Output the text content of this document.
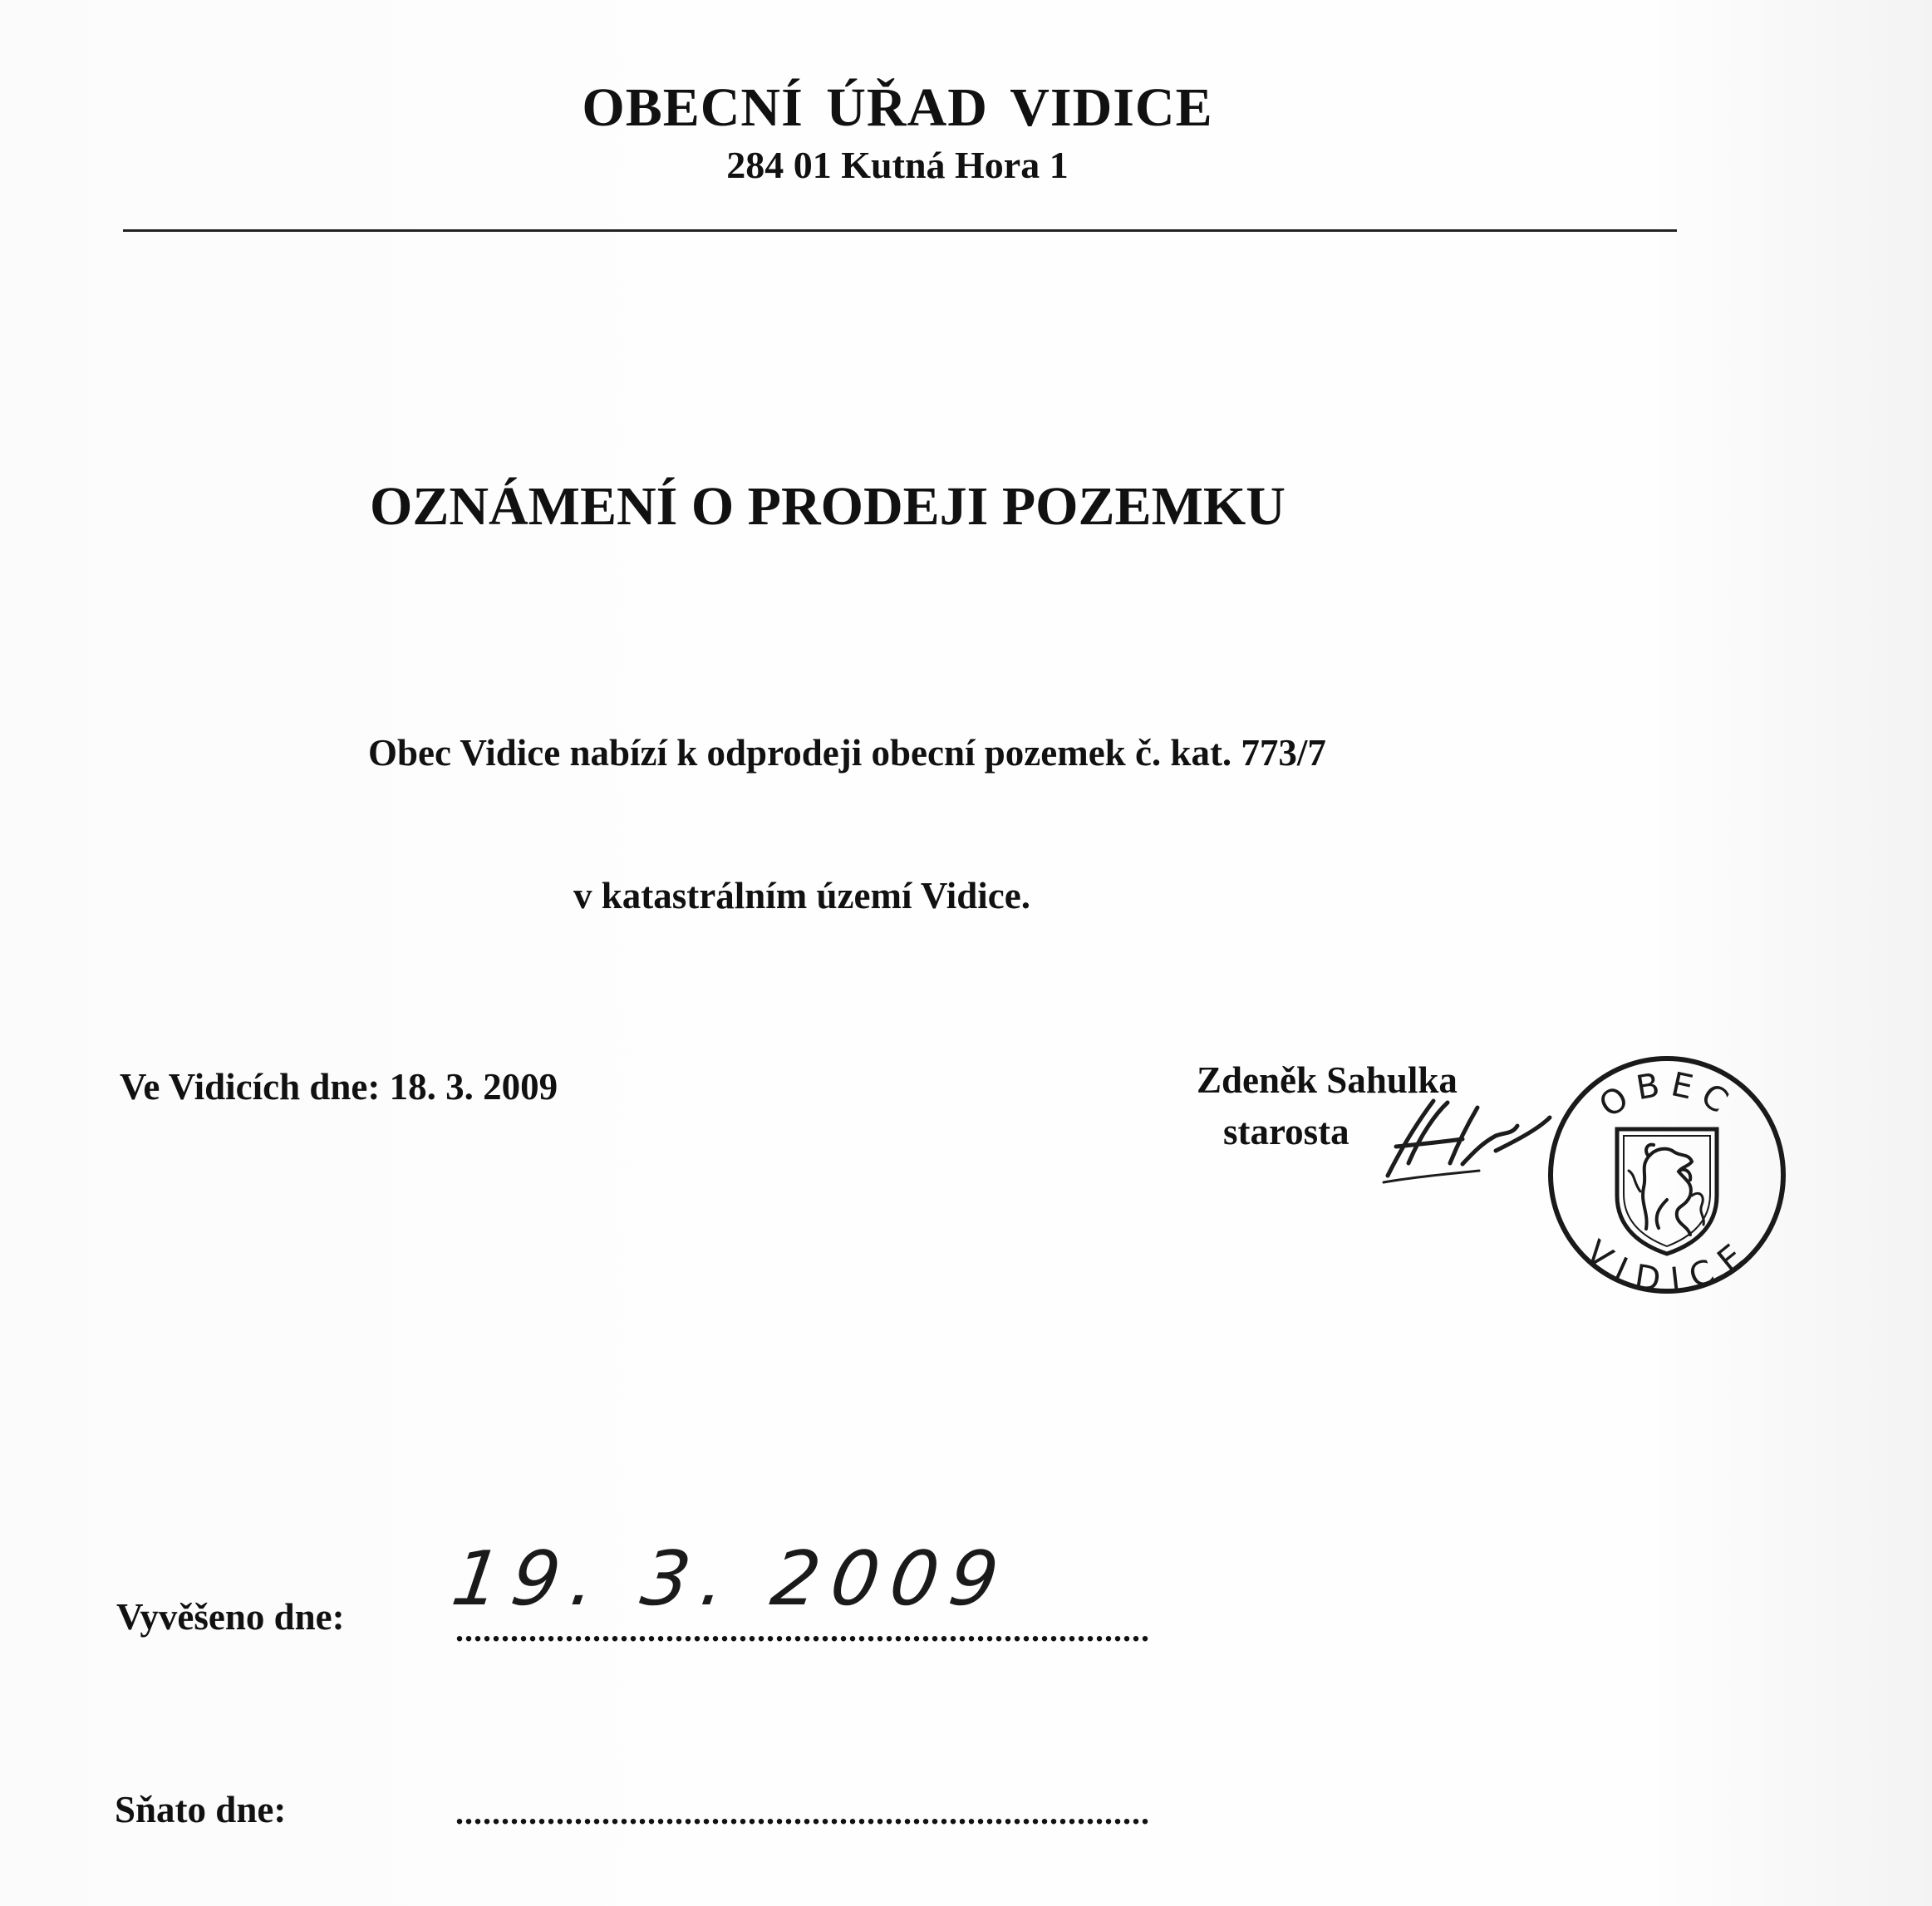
OBECNÍ ÚŘAD VIDICE
284 01 Kutná Hora 1
OZNÁMENÍ O PRODEJI POZEMKU
Obec Vidice nabízí k odprodeji obecní pozemek č. kat. 773/7
v katastrálním území Vidice.
Ve Vidicích dne: 18. 3. 2009	Zdeněk Sahulka
starosta
OBEC
VIDICE
Vyvěšeno dne: 19. 3. 2009
............................................................................
Sňato dne:	............................................................................
